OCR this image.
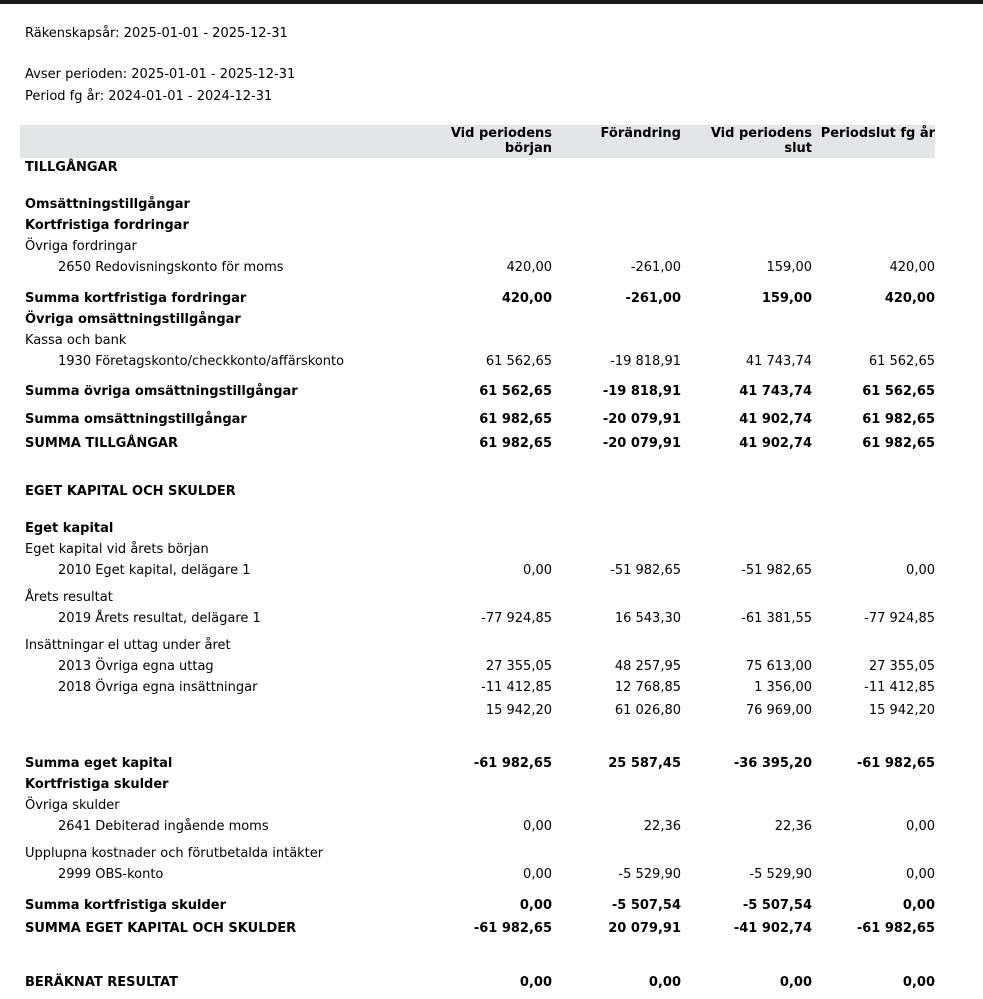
Räkenskapsår: 2025-01-01 - 2025-12-31
Avser perioden: 2025-01-01 - 2025-12-31
Period fg år: 2024-01-01 - 2024-12-31
	Vid periodens början	Förändring	Vid periodens slut	Periodslut fg år
TILLGÅNGAR				

Omsättningstillgångar				
Kortfristiga fordringar				
Övriga fordringar				
2650 Redovisningskonto för moms	420,00	-261,00	159,00	420,00

Summa kortfristiga fordringar	420,00	-261,00	159,00	420,00
Övriga omsättningstillgångar				
Kassa och bank				
1930 Företagskonto/checkkonto/affärskonto	61 562,65	-19 818,91	41 743,74	61 562,65

Summa övriga omsättningstillgångar	61 562,65	-19 818,91	41 743,74	61 562,65

Summa omsättningstillgångar	61 982,65	-20 079,91	41 902,74	61 982,65

SUMMA TILLGÅNGAR	61 982,65	-20 079,91	41 902,74	61 982,65

EGET KAPITAL OCH SKULDER				

Eget kapital				
Eget kapital vid årets början				
2010 Eget kapital, delägare 1	0,00	-51 982,65	-51 982,65	0,00

Årets resultat				
2019 Årets resultat, delägare 1	-77 924,85	16 543,30	-61 381,55	-77 924,85

Insättningar el uttag under året				
2013 Övriga egna uttag	27 355,05	48 257,95	75 613,00	27 355,05
2018 Övriga egna insättningar	-11 412,85	12 768,85	1 356,00	-11 412,85

	15 942,20	61 026,80	76 969,00	15 942,20

Summa eget kapital	-61 982,65	25 587,45	-36 395,20	-61 982,65
Kortfristiga skulder				
Övriga skulder				
2641 Debiterad ingående moms	0,00	22,36	22,36	0,00

Upplupna kostnader och förutbetalda intäkter				
2999 OBS-konto	0,00	-5 529,90	-5 529,90	0,00

Summa kortfristiga skulder	0,00	-5 507,54	-5 507,54	0,00

SUMMA EGET KAPITAL OCH SKULDER	-61 982,65	20 079,91	-41 902,74	-61 982,65

BERÄKNAT RESULTAT	0,00	0,00	0,00	0,00
